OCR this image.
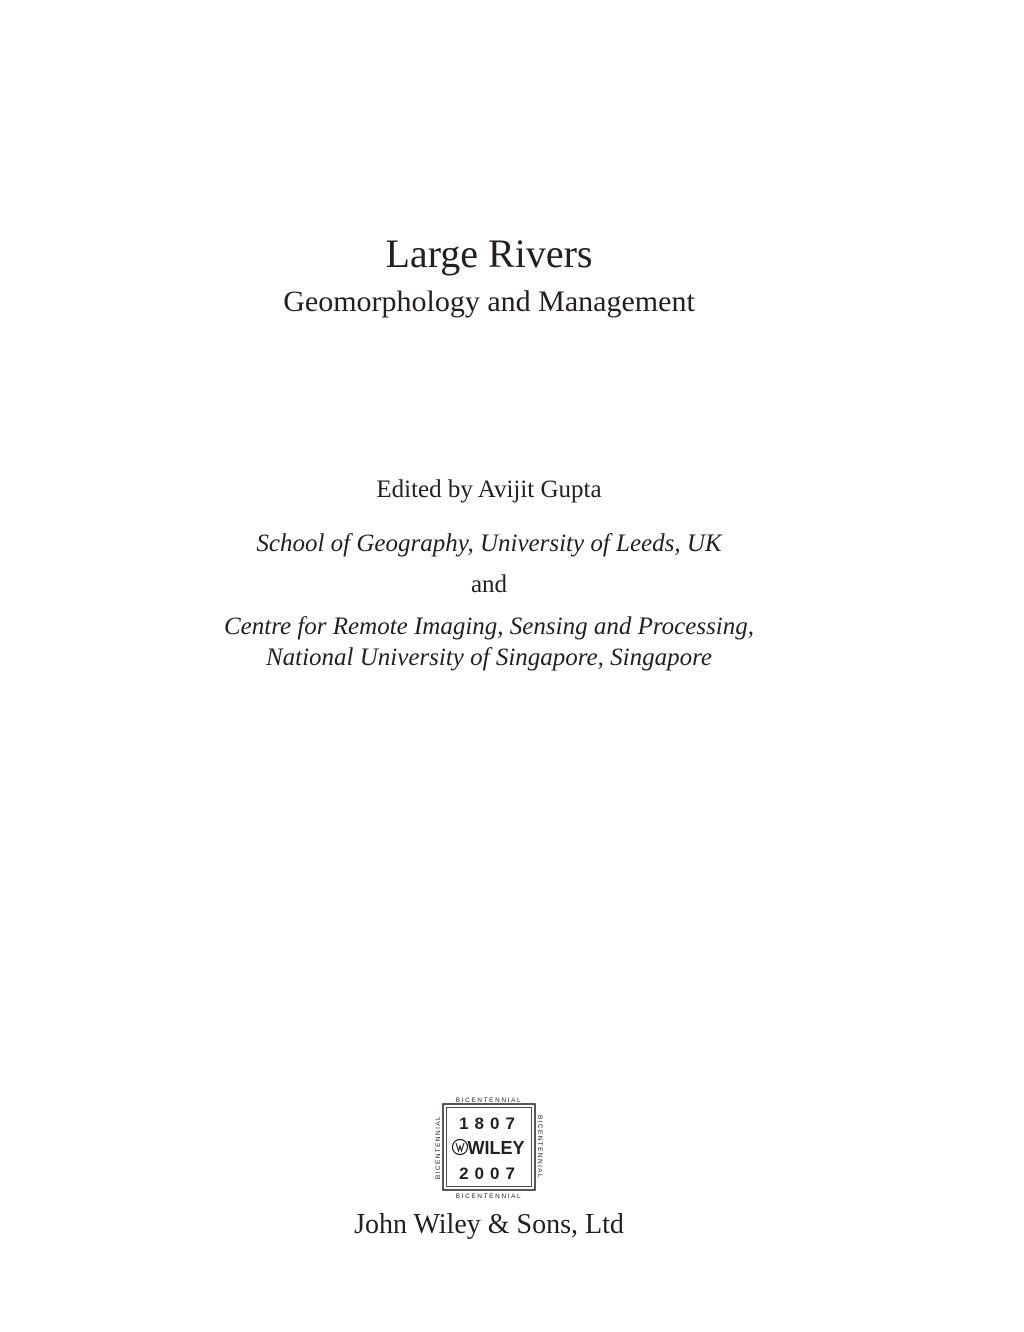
Large Rivers
Geomorphology and Management
Edited by Avijit Gupta
School of Geography, University of Leeds, UK
and
Centre for Remote Imaging, Sensing and Processing,
National University of Singapore, Singapore
BICENTENNIAL
BICENTENNIAL
BICENTENNIAL	BICENTENNIAL
1807
WILEY
2007
John Wiley & Sons, Ltd
